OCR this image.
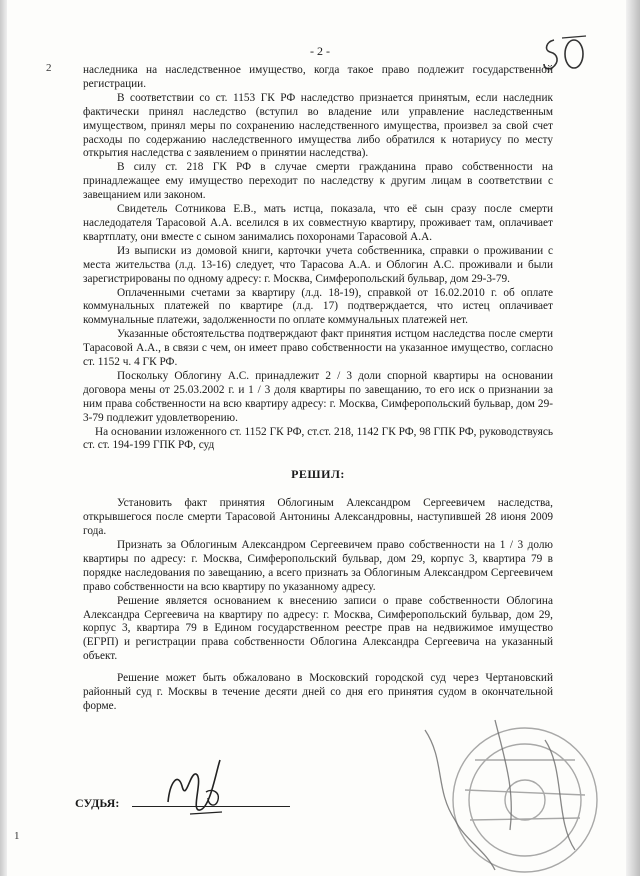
- 2 -
2	наследника на наследственное имущество, когда такое право подлежит государственной регистрации.

В соответствии со ст. 1153 ГК РФ наследство признается принятым, если наследник фактически принял наследство (вступил во владение или управление наследственным имуществом, принял меры по сохранению наследственного имущества, произвел за свой счет расходы по содержанию наследственного имущества либо обратился к нотариусу по месту открытия наследства с заявлением о принятии наследства).

В силу ст. 218 ГК РФ в случае смерти гражданина право собственности на принадлежащее ему имущество переходит по наследству к другим лицам в соответствии с завещанием или законом.

Свидетель Сотникова Е.В., мать истца, показала, что её сын сразу после смерти наследодателя Тарасовой А.А. вселился в их совместную квартиру, проживает там, оплачивает квартплату, они вместе с сыном занимались похоронами Тарасовой А.А.

Из выписки из домовой книги, карточки учета собственника, справки о проживании с места жительства (л.д. 13-16) следует, что Тарасова А.А. и Облогин А.С. проживали и были зарегистрированы по одному адресу: г. Москва, Симферопольский бульвар, дом 29-3-79.

Оплаченными счетами за квартиру (л.д. 18-19), справкой от 16.02.2010 г. об оплате коммунальных платежей по квартире (л.д. 17) подтверждается, что истец оплачивает коммунальные платежи, задолженности по оплате коммунальных платежей нет.

Указанные обстоятельства подтверждают факт принятия истцом наследства после смерти Тарасовой А.А., в связи с чем, он имеет право собственности на указанное имущество, согласно ст. 1152 ч. 4 ГК РФ.

Поскольку Облогину А.С. принадлежит 2 / 3 доли спорной квартиры на основании договора мены от 25.03.2002 г. и 1 / 3 доля квартиры по завещанию, то его иск о признании за ним права собственности на всю квартиру адресу: г. Москва, Симферопольский бульвар, дом 29-3-79 подлежит удовлетворению.

На основании изложенного ст. 1152 ГК РФ, ст.ст. 218, 1142 ГК РФ, 98 ГПК РФ, руководствуясь ст. ст. 194-199 ГПК РФ, суд

РЕШИЛ:

Установить факт принятия Облогиным Александром Сергеевичем наследства, открывшегося после смерти Тарасовой Антонины Александровны, наступившей 28 июня 2009 года.

Признать за Облогиным Александром Сергеевичем право собственности на 1 / 3 долю квартиры по адресу: г. Москва, Симферопольский бульвар, дом 29, корпус 3, квартира 79 в порядке наследования по завещанию, а всего признать за Облогиным Александром Сергеевичем право собственности на всю квартиру по указанному адресу.

Решение является основанием к внесению записи о праве собственности Облогина Александра Сергеевича на квартиру по адресу: г. Москва, Симферопольский бульвар, дом 29, корпус 3, квартира 79 в Едином государственном реестре прав на недвижимое имущество (ЕГРП) и регистрации права собственности Облогина Александра Сергеевича на указанный объект.

Решение может быть обжаловано в Московский городской суд через Чертановский районный суд г. Москвы в течение десяти дней со дня его принятия судом в окончательной форме.

СУДЬЯ:
1
